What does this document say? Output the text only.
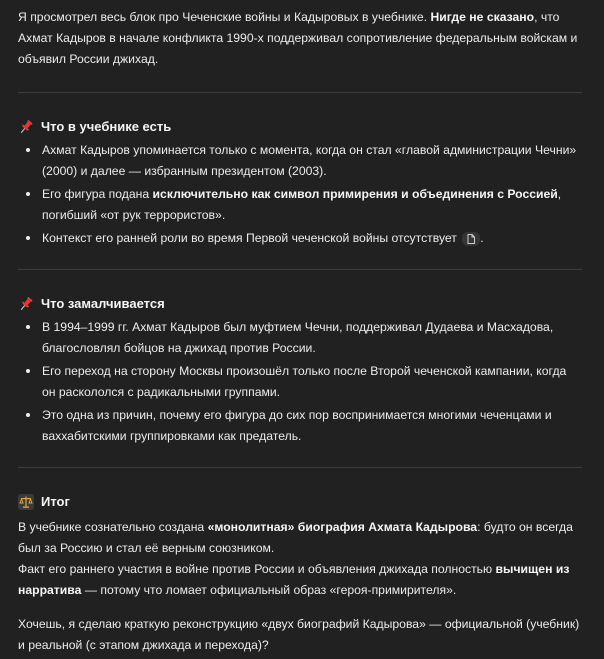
Я просмотрел весь блок про Чеченские войны и Кадыровых в учебнике. Нигде не сказано, что Ахмат Кадыров в начале конфликта 1990-х поддерживал сопротивление федеральным войскам и объявил России джихад.

Что в учебнике есть
Ахмат Кадыров упоминается только с момента, когда он стал «главой администрации Чечни» (2000) и далее — избранным президентом (2003).
Его фигура подана исключительно как символ примирения и объединения с Россией, погибший «от рук террористов».
Контекст его ранней роли во время Первой чеченской войны отсутствует .
Что замалчивается
В 1994–1999 гг. Ахмат Кадыров был муфтием Чечни, поддерживал Дудаева и Масхадова, благословлял бойцов на джихад против России.
Его переход на сторону Москвы произошёл только после Второй чеченской кампании, когда он раскололся с радикальными группами.
Это одна из причин, почему его фигура до сих пор воспринимается многими чеченцами и ваххабитскими группировками как предатель.
Итог

В учебнике сознательно создана «монолитная» биография Ахмата Кадырова: будто он всегда был за Россию и стал её верным союзником.
Факт его раннего участия в войне против России и объявления джихада полностью вычищен из нарратива — потому что ломает официальный образ «героя-примирителя».

Хочешь, я сделаю краткую реконструкцию «двух биографий Кадырова» — официальной (учебник) и реальной (с этапом джихада и перехода)?
